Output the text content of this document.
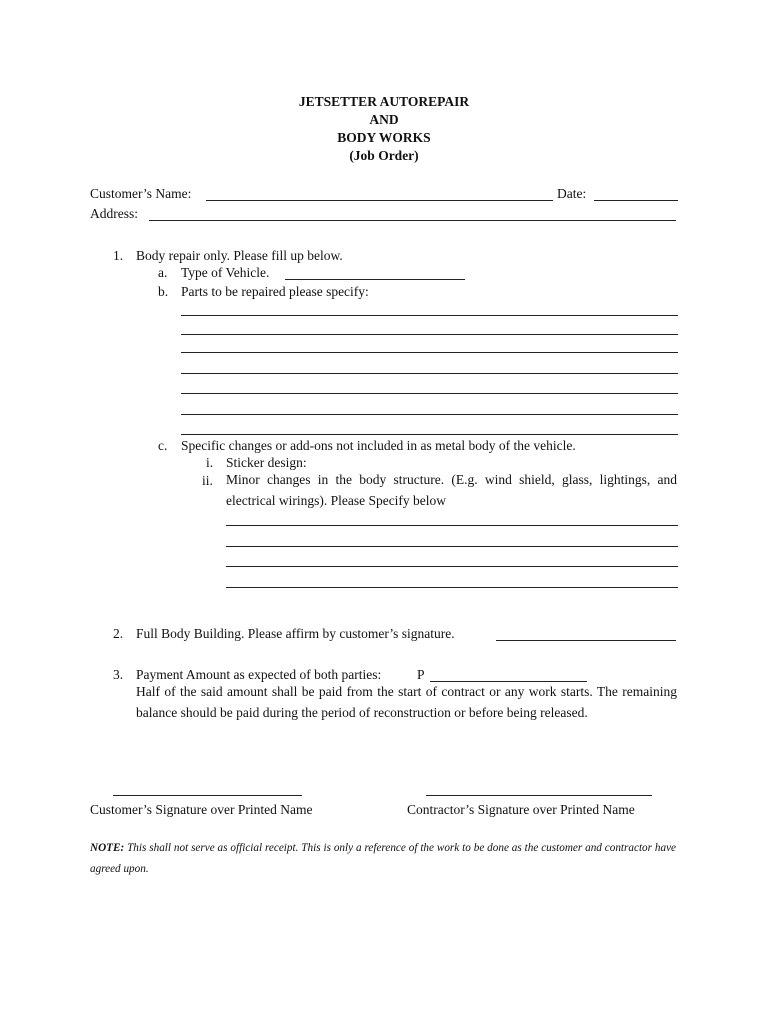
JETSETTER AUTOREPAIR
AND
BODY WORKS
(Job Order)
Customer’s Name:	Date:
Address:
1. Body repair only. Please fill up below.
a. Type of Vehicle.
b. Parts to be repaired please specify:
c. Specific changes or add-ons not included in as metal body of the vehicle.
i. Sticker design:
ii. Minor changes in the body structure. (E.g. wind shield, glass, lightings, and electrical wirings). Please Specify below
2. Full Body Building. Please affirm by customer’s signature.
3. Payment Amount as expected of both parties:	P
Half of the said amount shall be paid from the start of contract or any work starts. The remaining balance should be paid during the period of reconstruction or before being released.
Customer’s Signature over Printed Name	Contractor’s Signature over Printed Name
NOTE: This shall not serve as official receipt. This is only a reference of the work to be done as the customer and contractor have agreed upon.
